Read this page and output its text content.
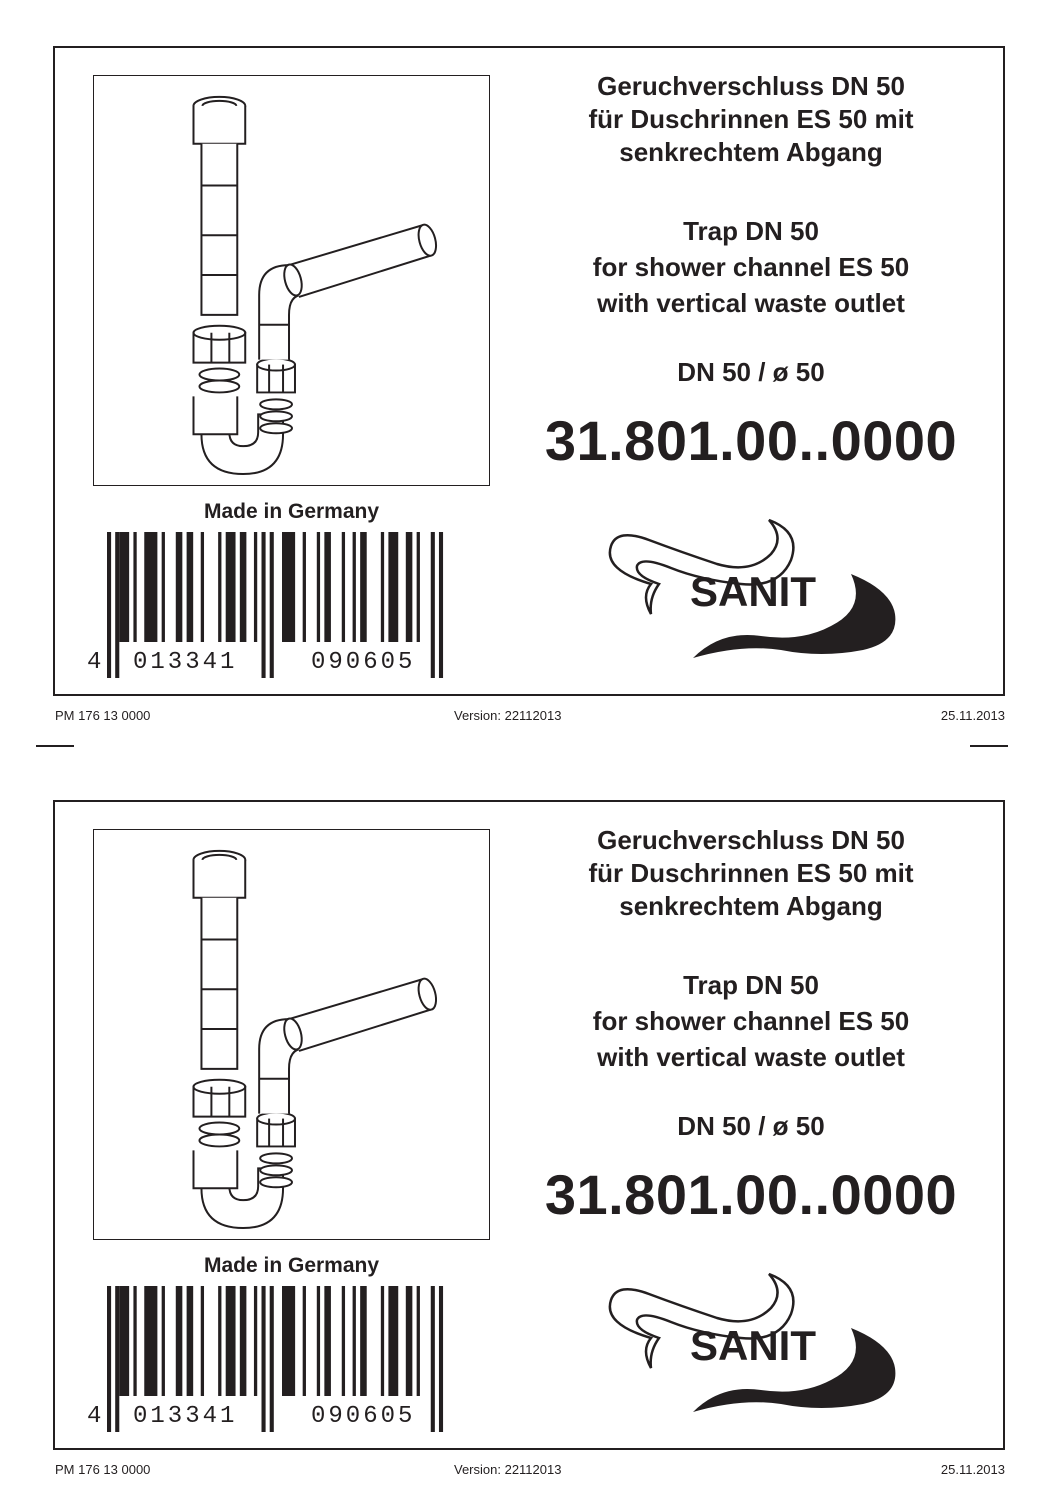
Made in Germany
4 013341	090605
Geruchverschluss DN 50
für Duschrinnen ES 50 mit
senkrechtem Abgang
Trap DN 50
for shower channel ES 50
with vertical waste outlet
DN 50 / ø 50
31.801.00..0000
SANIT
PM 176 13 0000	Version: 22112013	25.11.2013
Made in Germany
4 013341	090605
Geruchverschluss DN 50
für Duschrinnen ES 50 mit
senkrechtem Abgang
Trap DN 50
for shower channel ES 50
with vertical waste outlet
DN 50 / ø 50
31.801.00..0000
SANIT
PM 176 13 0000	Version: 22112013	25.11.2013
